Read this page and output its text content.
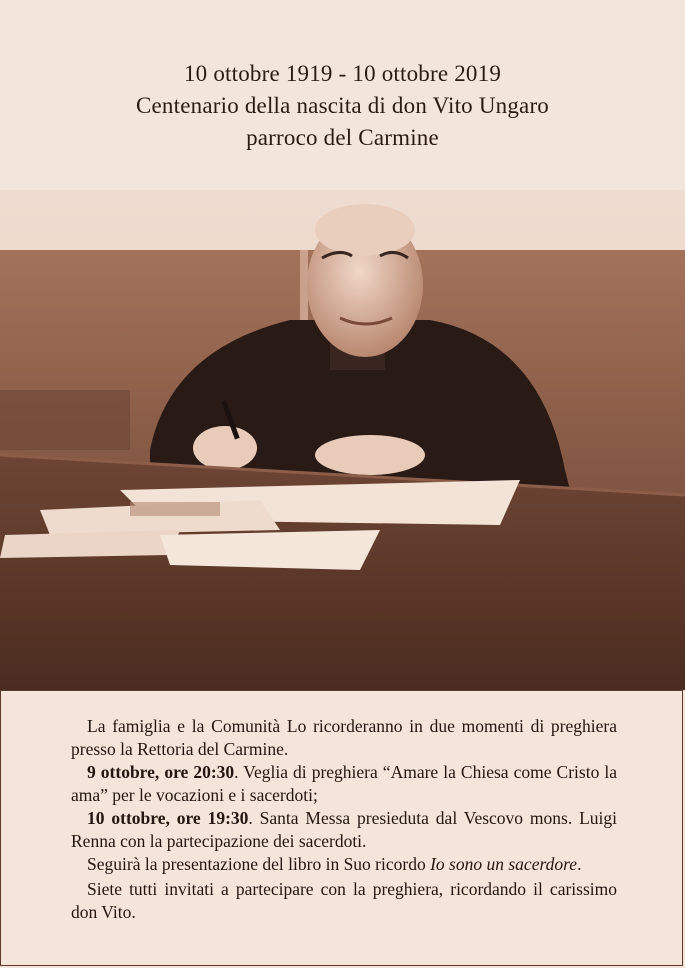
10 ottobre 1919 - 10 ottobre 2019
Centenario della nascita di don Vito Ungaro
parroco del Carmine
La famiglia e la Comunità Lo ricorderanno in due momenti di preghiera presso la Rettoria del Carmine.
9 ottobre, ore 20:30. Veglia di preghiera “Amare la Chiesa come Cristo la ama” per le vocazioni e i sacerdoti;
10 ottobre, ore 19:30. Santa Messa presieduta dal Vescovo mons. Luigi Renna con la partecipazione dei sacerdoti.
Seguirà la presentazione del libro in Suo ricordo Io sono un sacerdore.
Siete tutti invitati a partecipare con la preghiera, ricordando il carissimo don Vito.
